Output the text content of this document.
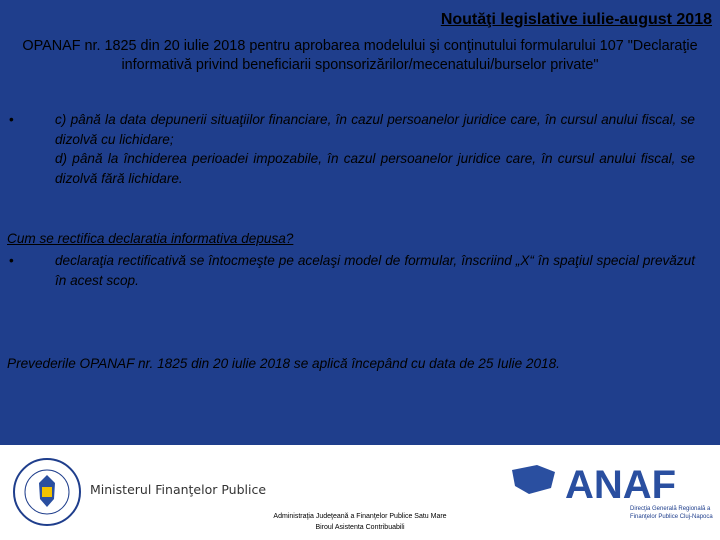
Noutăţi legislative iulie-august 2018
OPANAF nr. 1825 din 20 iulie 2018 pentru aprobarea modelului şi conţinutului formularului 107 "Declaraţie informativă privind beneficiarii sponsorizărilor/mecenatului/burselor private"
•	c) până la data depunerii situaţiilor financiare, în cazul persoanelor juridice care, în cursul anului fiscal, se dizolvă cu lichidare;
d) până la închiderea perioadei impozabile, în cazul persoanelor juridice care, în cursul anului fiscal, se dizolvă fără lichidare.
Cum se rectifica declaratia informativa depusa?
•	declaraţia rectificativă se întocmeşte pe acelaşi model de formular, înscriind „X“ în spaţiul special prevăzut în acest scop.
Prevederile OPANAF nr. 1825 din 20 iulie 2018 se aplică începând cu data de 25 Iulie 2018.
Ministerul Finanţelor Publice
Administraţia Judeţeană a Finanţelor Publice Satu Mare
Biroul Asistenta Contribuabili
ANAF
Direcţia Generală Regională a Finanţelor Publice Cluj-Napoca
